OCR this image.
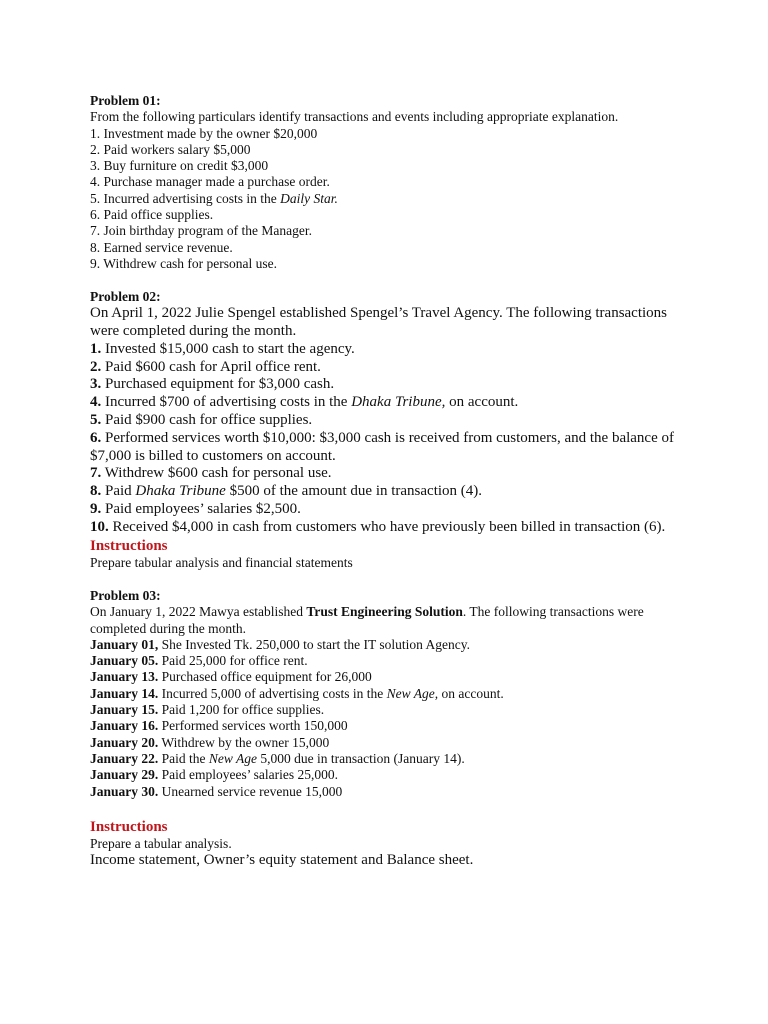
Problem 01:
From the following particulars identify transactions and events including appropriate explanation.
1. Investment made by the owner $20,000
2. Paid workers salary $5,000
3. Buy furniture on credit $3,000
4. Purchase manager made a purchase order.
5. Incurred advertising costs in the Daily Star.
6. Paid office supplies.
7. Join birthday program of the Manager.
8. Earned service revenue.
9. Withdrew cash for personal use.
Problem 02:
On April 1, 2022 Julie Spengel established Spengel’s Travel Agency. The following transactions were completed during the month.
1. Invested $15,000 cash to start the agency.
2. Paid $600 cash for April office rent.
3. Purchased equipment for $3,000 cash.
4. Incurred $700 of advertising costs in the Dhaka Tribune, on account.
5. Paid $900 cash for office supplies.
6. Performed services worth $10,000: $3,000 cash is received from customers, and the balance of $7,000 is billed to customers on account.
7. Withdrew $600 cash for personal use.
8. Paid Dhaka Tribune $500 of the amount due in transaction (4).
9. Paid employees’ salaries $2,500.
10. Received $4,000 in cash from customers who have previously been billed in transaction (6).
Instructions
Prepare tabular analysis and financial statements
Problem 03:
On January 1, 2022 Mawya established Trust Engineering Solution. The following transactions were completed during the month.
January 01, She Invested Tk. 250,000 to start the IT solution Agency.
January 05. Paid 25,000 for office rent.
January 13. Purchased office equipment for 26,000
January 14. Incurred 5,000 of advertising costs in the New Age, on account.
January 15. Paid 1,200 for office supplies.
January 16. Performed services worth 150,000
January 20. Withdrew by the owner 15,000
January 22. Paid the New Age 5,000 due in transaction (January 14).
January 29. Paid employees’ salaries 25,000.
January 30. Unearned service revenue 15,000
Instructions
Prepare a tabular analysis.
Income statement, Owner’s equity statement and Balance sheet.
